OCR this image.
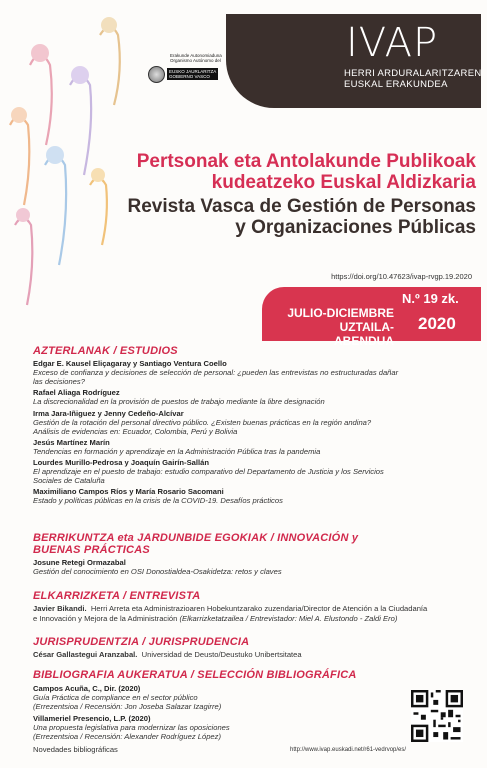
Erakunde Autonomiadunа
Organismo Autónomo del
EUSKO JAURLARITZA
GOBIERNO VASCO
IVAP
HERRI ARDURALARITZAREN
EUSKAL ERAKUNDEA
Pertsonak eta Antolakunde Publikoak
kudeatzeko Euskal Aldizkaria
Revista Vasca de Gestión de Personas
y Organizaciones Públicas
https://doi.org/10.47623/ivap-rvgp.19.2020
N.º 19 zk.
JULIO-DICIEMBRE
UZTAILA-ABENDUA
2020
AZTERLANAK / ESTUDIOS
Edgar E. Kausel Eliçagaray y Santiago Ventura Coello
Exceso de confianza y decisiones de selección de personal: ¿pueden las entrevistas no estructuradas dañar
las decisiones?
Rafael Aliaga Rodríguez
La discrecionalidad en la provisión de puestos de trabajo mediante la libre designación
Irma Jara-Iñiguez y Jenny Cedeño-Alcívar
Gestión de la rotación del personal directivo público. ¿Existen buenas prácticas en la región andina?
Análisis de evidencias en: Ecuador, Colombia, Perú y Bolivia
Jesús Martínez Marín
Tendencias en formación y aprendizaje en la Administración Pública tras la pandemia
Lourdes Murillo-Pedrosa y Joaquín Gairín-Sallán
El aprendizaje en el puesto de trabajo: estudio comparativo del Departamento de Justicia y los Servicios
Sociales de Cataluña
Maximiliano Campos Ríos y María Rosario Sacomani
Estado y políticas públicas en la crisis de la COVID-19. Desafíos prácticos
BERRIKUNTZA eta JARDUNBIDE EGOKIAK / INNOVACIÓN y
BUENAS PRÁCTICAS
Josune Retegi Ormazabal
Gestión del conocimiento en OSI Donostialdea-Osakidetza: retos y claves
ELKARRIZKETA / ENTREVISTA
Javier Bikandi. Herri Arreta eta Administrazioaren Hobekuntzarako zuzendaria/Director de Atención a la Ciudadanía
e Innovación y Mejora de la Administración (Elkarrizketatzailea / Entrevistador: Miel A. Elustondo - Zaldi Ero)
JURISPRUDENTZIA / JURISPRUDENCIA
César Gallastegui Aranzabal. Universidad de Deusto/Deustuko Unibertsitatea
BIBLIOGRAFIA AUKERATUA / SELECCIÓN BIBLIOGRÁFICA
Campos Acuña, C., Dir. (2020)
Guía Práctica de compliance en el sector público
(Errezentsioa / Recensión: Jon Joseba Salazar Izagirre)
Villameriel Presencio, L.P. (2020)
Una propuesta legislativa para modernizar las oposiciones
(Errezentsioa / Recensión: Alexander Rodríguez López)
Novedades bibliográficas	http://www.ivap.euskadi.net/r61-vedrvop/es/
